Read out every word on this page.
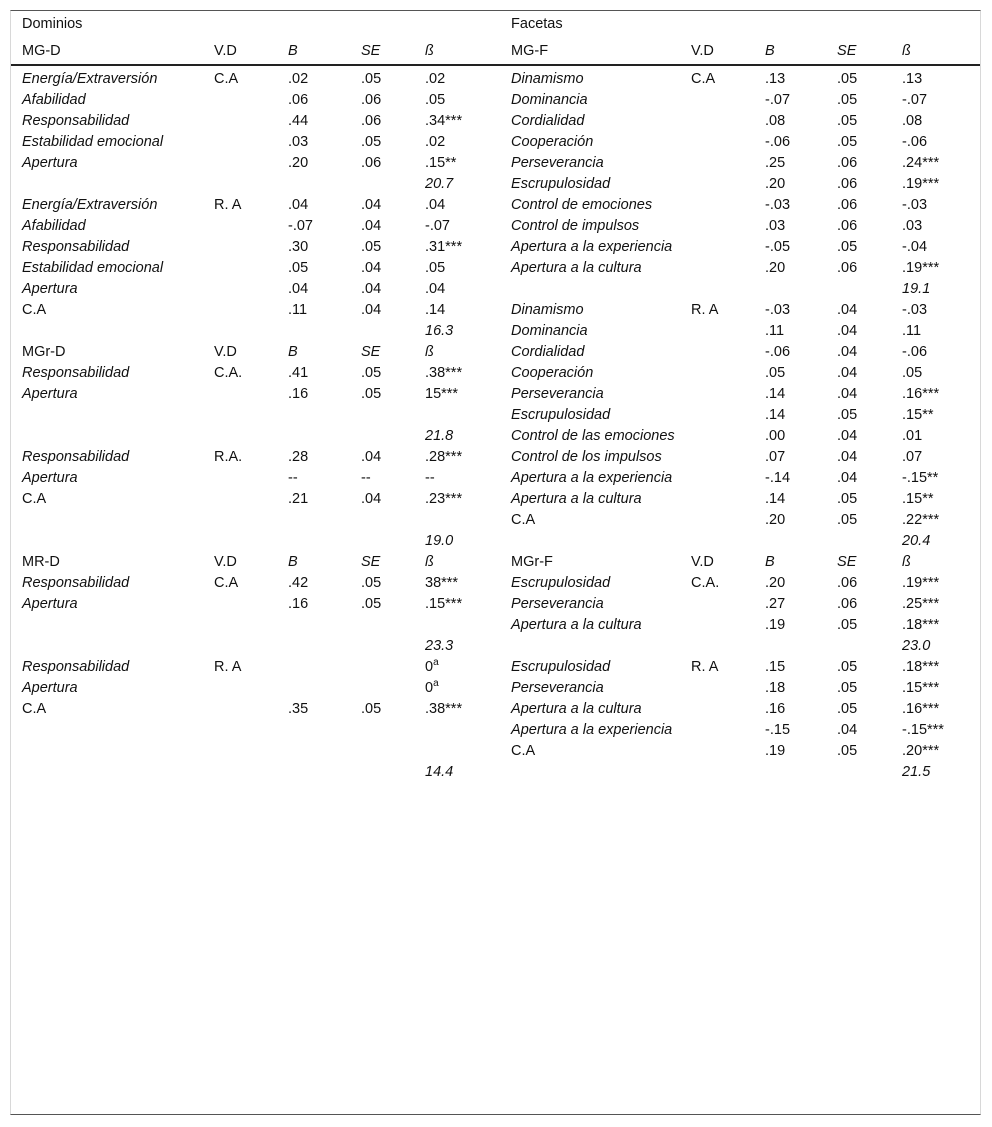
Dominios					Facetas				
MG-D	V.D	B	SE	ß	MG-F	V.D	B	SE	ß
Energía/Extraversión	C.A	.02	.05	.02	Dinamismo	C.A	.13	.05	.13
Afabilidad		.06	.06	.05	Dominancia		-.07	.05	-.07
Responsabilidad		.44	.06	.34***	Cordialidad		.08	.05	.08
Estabilidad emocional		.03	.05	.02	Cooperación		-.06	.05	-.06
Apertura		.20	.06	.15**	Perseverancia		.25	.06	.24***
				20.7	Escrupulosidad		.20	.06	.19***
Energía/Extraversión	R. A	.04	.04	.04	Control de emociones		-.03	.06	-.03
Afabilidad		-.07	.04	-.07	Control de impulsos		.03	.06	.03
Responsabilidad		.30	.05	.31***	Apertura a la experiencia		-.05	.05	-.04
Estabilidad emocional		.05	.04	.05	Apertura a la cultura		.20	.06	.19***
Apertura		.04	.04	.04					19.1
C.A		.11	.04	.14	Dinamismo	R. A	-.03	.04	-.03
				16.3	Dominancia		.11	.04	.11
MGr-D	V.D	B	SE	ß	Cordialidad		-.06	.04	-.06
Responsabilidad	C.A.	.41	.05	.38***	Cooperación		.05	.04	.05
Apertura		.16	.05	15***	Perseverancia		.14	.04	.16***
					Escrupulosidad		.14	.05	.15**
				21.8	Control de las emociones		.00	.04	.01
Responsabilidad	R.A.	.28	.04	.28***	Control de los impulsos		.07	.04	.07
Apertura		--	--	--	Apertura a la experiencia		-.14	.04	-.15**
C.A		.21	.04	.23***	Apertura a la cultura		.14	.05	.15**
					C.A		.20	.05	.22***
				19.0					20.4
MR-D	V.D	B	SE	ß	MGr-F	V.D	B	SE	ß
Responsabilidad	C.A	.42	.05	38***	Escrupulosidad	C.A.	.20	.06	.19***
Apertura		.16	.05	.15***	Perseverancia		.27	.06	.25***
					Apertura a la cultura		.19	.05	.18***
				23.3					23.0
Responsabilidad	R. A			0$^a$	Escrupulosidad	R. A	.15	.05	.18***
Apertura				0$^a$	Perseverancia		.18	.05	.15***
C.A		.35	.05	.38***	Apertura a la cultura		.16	.05	.16***
					Apertura a la experiencia		-.15	.04	-.15***
					C.A		.19	.05	.20***
				14.4					21.5
